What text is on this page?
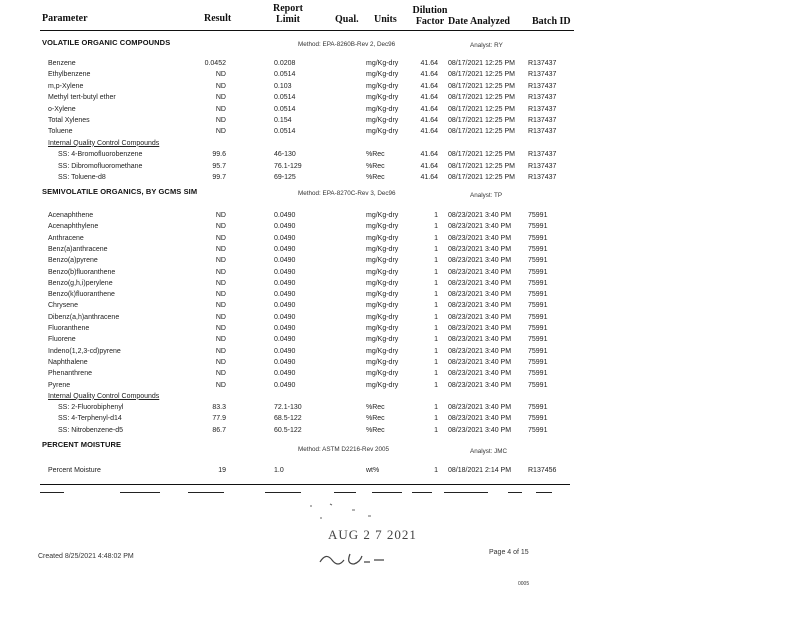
Parameter	Result
Report
Limit	Qual. Units
Dilution
Factor Date Analyzed Batch ID
VOLATILE ORGANIC COMPOUNDS	Method: EPA-8260B-Rev 2, Dec96	Analyst: RY
Benzene	0.0452	0.0208	mg/Kg-dry	41.64 08/17/2021 12:25 PM R137437
Ethylbenzene	ND	0.0514	mg/Kg-dry	41.64 08/17/2021 12:25 PM R137437
m,p-Xylene	ND	0.103	mg/Kg-dry	41.64 08/17/2021 12:25 PM R137437
Methyl tert-butyl ether	ND	0.0514	mg/Kg-dry	41.64 08/17/2021 12:25 PM R137437
o-Xylene	ND	0.0514	mg/Kg-dry	41.64 08/17/2021 12:25 PM R137437
Total Xylenes	ND	0.154	mg/Kg-dry	41.64 08/17/2021 12:25 PM R137437
Toluene	ND	0.0514	mg/Kg-dry	41.64 08/17/2021 12:25 PM R137437
Internal Quality Control Compounds
SS: 4-Bromofluorobenzene	99.6	46-130	%Rec	41.64 08/17/2021 12:25 PM R137437
SS: Dibromofluoromethane	95.7	76.1-129	%Rec	41.64 08/17/2021 12:25 PM R137437
SS: Toluene-d8	99.7	69-125	%Rec	41.64 08/17/2021 12:25 PM R137437
SEMIVOLATILE ORGANICS, BY GCMS SIM	Method: EPA-8270C-Rev 3, Dec96	Analyst: TP
Acenaphthene	ND	0.0490	mg/Kg-dry	1 08/23/2021 3:40 PM 75991
Acenaphthylene	ND	0.0490	mg/Kg-dry	1 08/23/2021 3:40 PM 75991
Anthracene	ND	0.0490	mg/Kg-dry	1 08/23/2021 3:40 PM 75991
Benz(a)anthracene	ND	0.0490	mg/Kg-dry	1 08/23/2021 3:40 PM 75991
Benzo(a)pyrene	ND	0.0490	mg/Kg-dry	1 08/23/2021 3:40 PM 75991
Benzo(b)fluoranthene	ND	0.0490	mg/Kg-dry	1 08/23/2021 3:40 PM 75991
Benzo(g,h,i)perylene	ND	0.0490	mg/Kg-dry	1 08/23/2021 3:40 PM 75991
Benzo(k)fluoranthene	ND	0.0490	mg/Kg-dry	1 08/23/2021 3:40 PM 75991
Chrysene	ND	0.0490	mg/Kg-dry	1 08/23/2021 3:40 PM 75991
Dibenz(a,h)anthracene	ND	0.0490	mg/Kg-dry	1 08/23/2021 3:40 PM 75991
Fluoranthene	ND	0.0490	mg/Kg-dry	1 08/23/2021 3:40 PM 75991
Fluorene	ND	0.0490	mg/Kg-dry	1 08/23/2021 3:40 PM 75991
Indeno(1,2,3-cd)pyrene	ND	0.0490	mg/Kg-dry	1 08/23/2021 3:40 PM 75991
Naphthalene	ND	0.0490	mg/Kg-dry	1 08/23/2021 3:40 PM 75991
Phenanthrene	ND	0.0490	mg/Kg-dry	1 08/23/2021 3:40 PM 75991
Pyrene	ND	0.0490	mg/Kg-dry	1 08/23/2021 3:40 PM 75991
Internal Quality Control Compounds
SS: 2-Fluorobiphenyl	83.3	72.1-130	%Rec	1 08/23/2021 3:40 PM 75991
SS: 4-Terphenyl-d14	77.9	68.5-122	%Rec	1 08/23/2021 3:40 PM 75991
SS: Nitrobenzene-d5	86.7	60.5-122	%Rec	1 08/23/2021 3:40 PM 75991
PERCENT MOISTURE
Method: ASTM D2216-Rev 2005	Analyst: JMC
Percent Moisture	19	1.0	wt%	1 08/18/2021 2:14 PM R137456
AUG 2 7 2021
Created 8/25/2021 4:48:02 PM
Page 4 of 15
0005
